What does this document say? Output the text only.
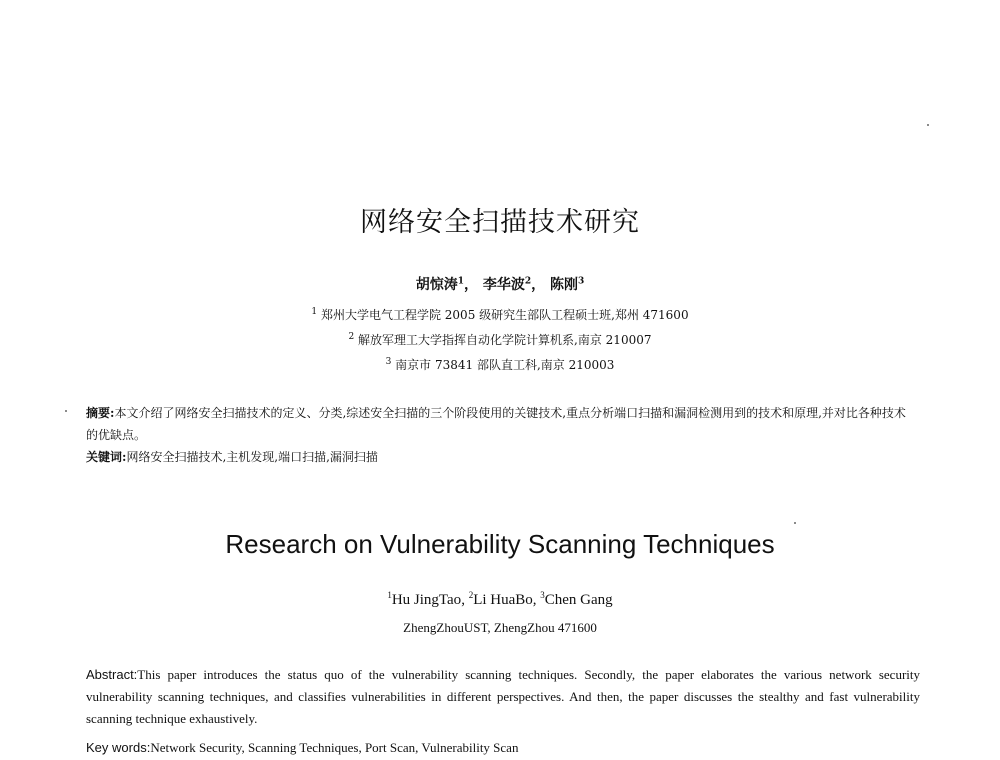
网络安全扫描技术研究
胡惊涛$^1$， 李华波$^2$， 陈刚$^3$
$^1$ 郑州大学电气工程学院 2005 级研究生部队工程硕士班,郑州 471600
$^2$ 解放军理工大学指挥自动化学院计算机系,南京 210007
$^3$ 南京市 73841 部队直工科,南京 210003
摘要:本文介绍了网络安全扫描技术的定义、分类,综述安全扫描的三个阶段使用的关键技术,重点分析端口扫描和漏洞检测用到的技术和原理,并对比各种技术的优缺点。
关键词:网络安全扫描技术,主机发现,端口扫描,漏洞扫描
Research on Vulnerability Scanning Techniques
$^1$Hu JingTao, $^2$Li HuaBo, $^3$Chen Gang
ZhengZhouUST, ZhengZhou 471600
Abstract:This paper introduces the status quo of the vulnerability scanning techniques. Secondly, the paper elaborates the various network security vulnerability scanning techniques, and classifies vulnerabilities in different perspectives. And then, the paper discusses the stealthy and fast vulnerability scanning technique exhaustively.
Key words:Network Security, Scanning Techniques, Port Scan, Vulnerability Scan
